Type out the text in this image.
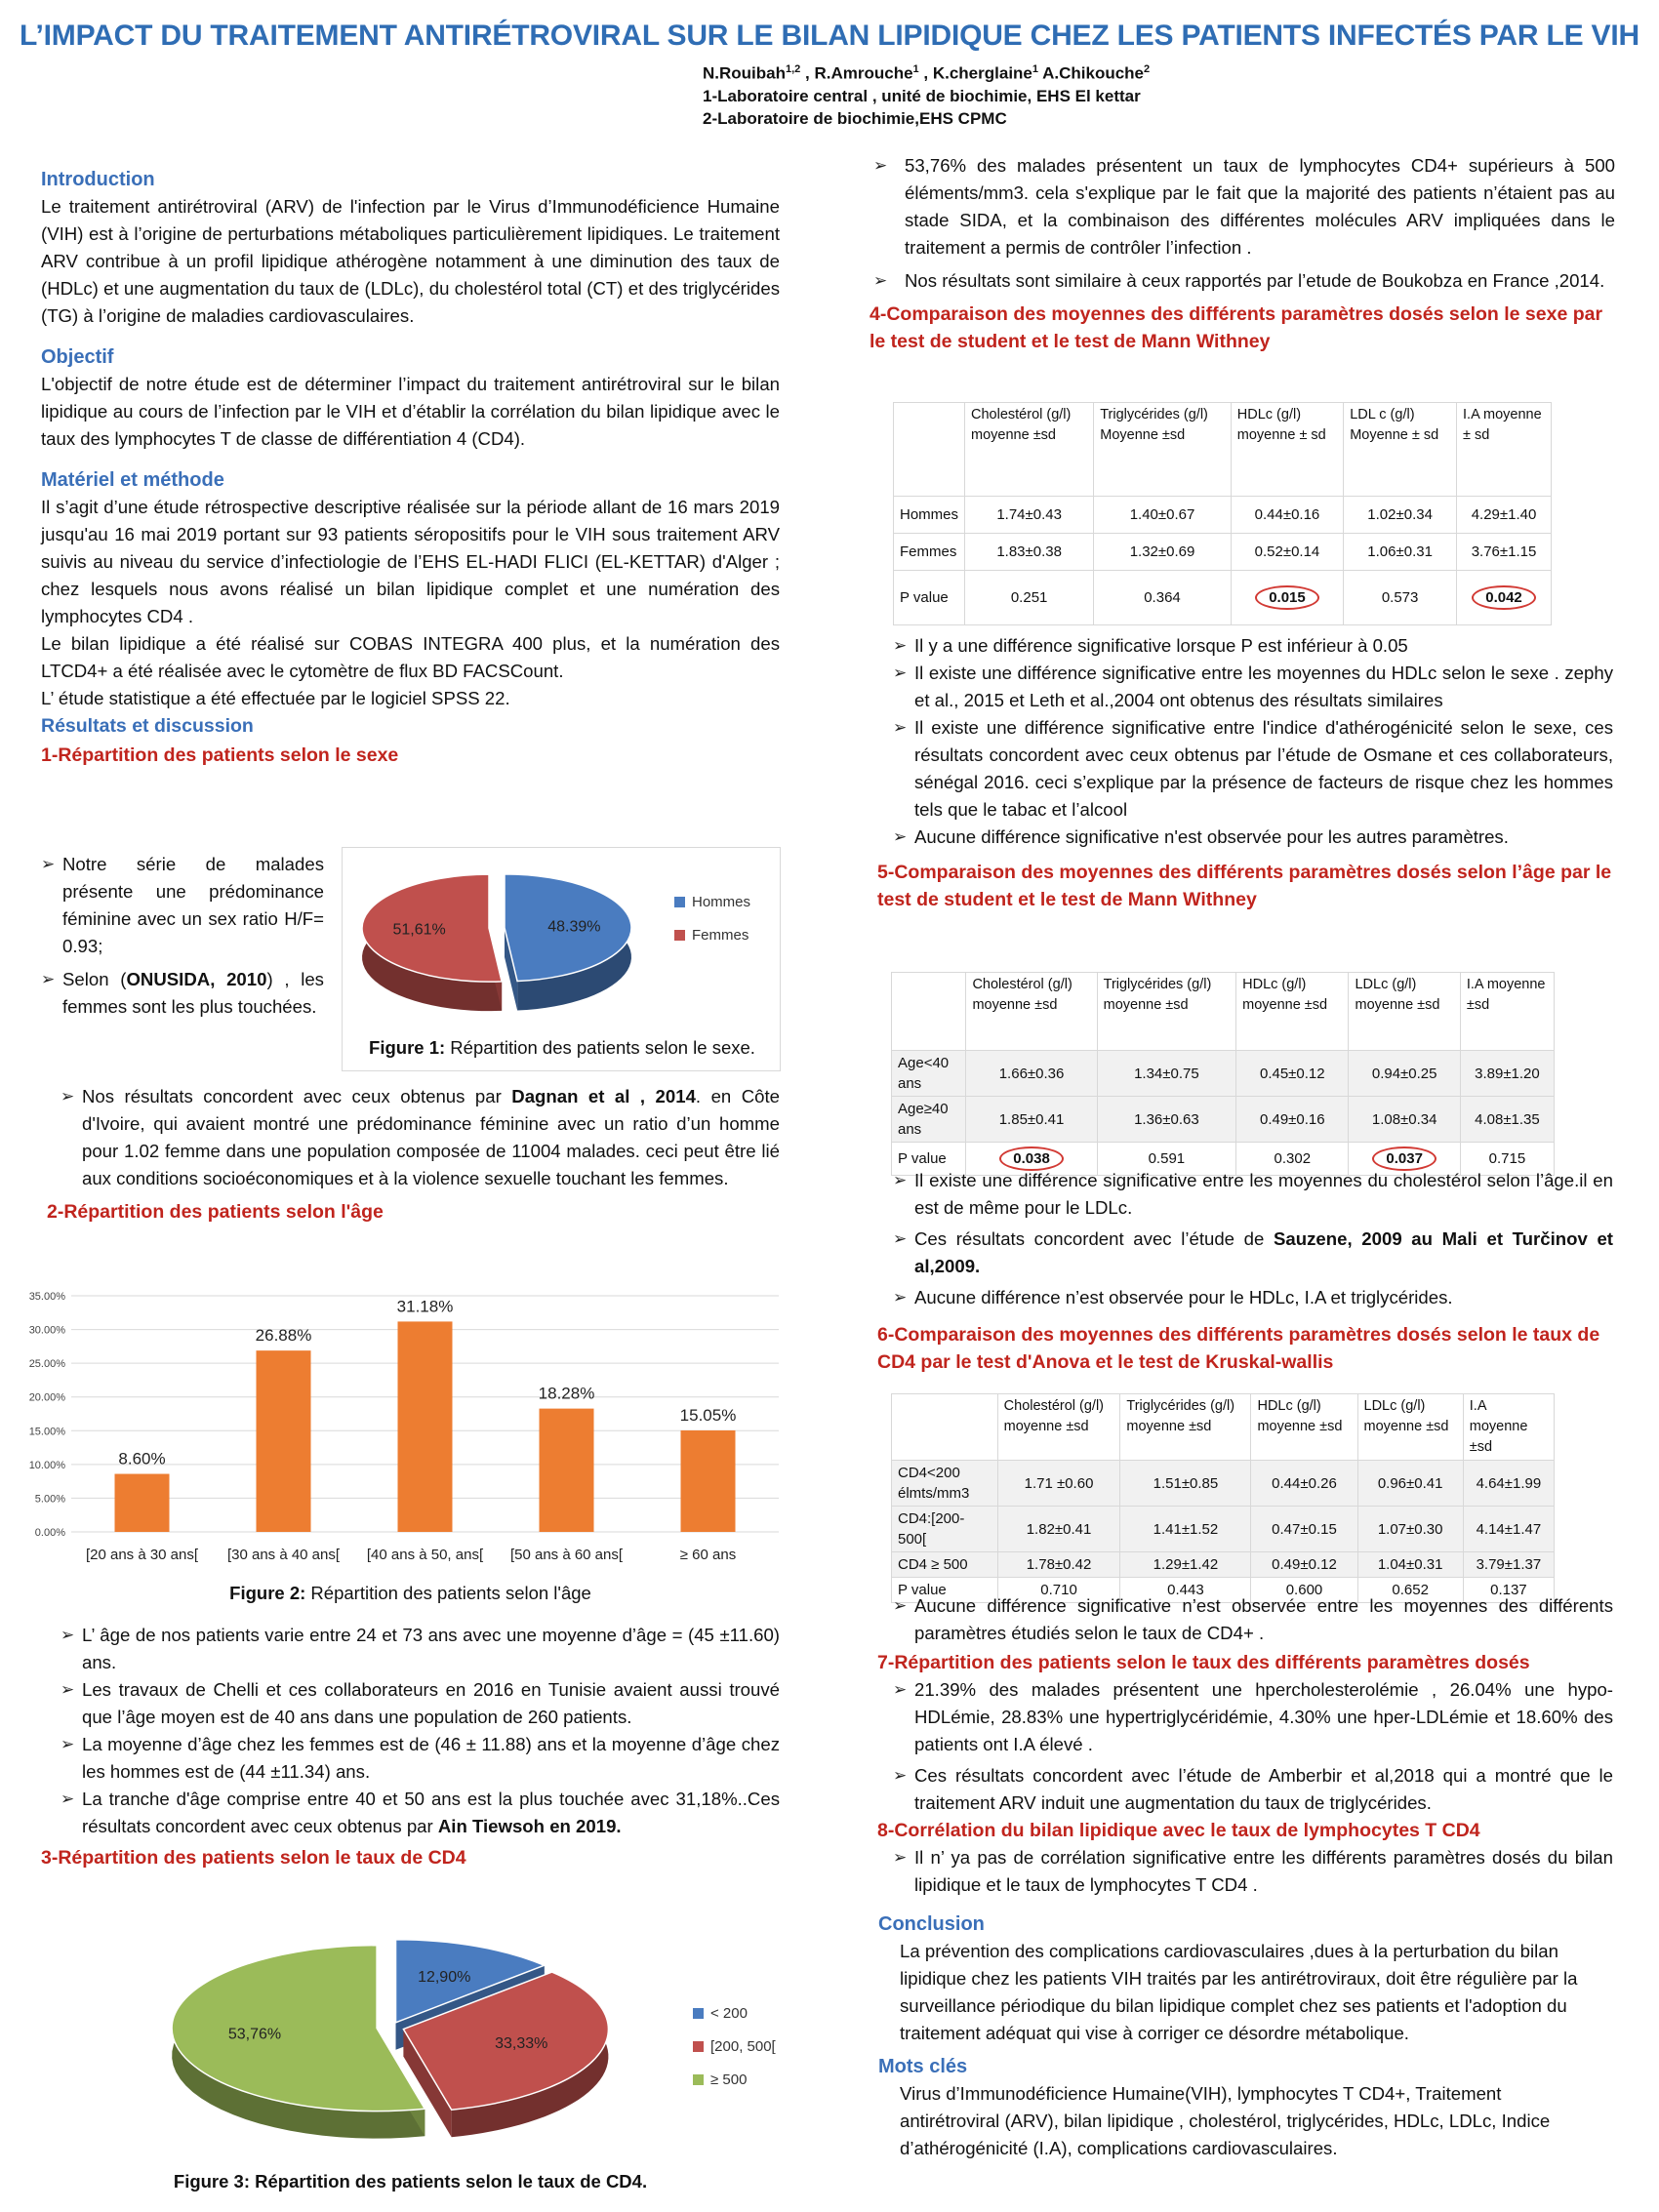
L’IMPACT DU TRAITEMENT ANTIRÉTROVIRAL SUR LE BILAN LIPIDIQUE CHEZ LES PATIENTS INFECTÉS PAR LE VIH
N.Rouibah$^{1,2}$ , R.Amrouche$^1$ , K.cherglaine$^1$ A.Chikouche$^2$
1-Laboratoire central , unité de biochimie, EHS El kettar
2-Laboratoire de biochimie,EHS CPMC
Introduction

Le traitement antirétroviral (ARV) de l'infection par le Virus d’Immunodéficience Humaine (VIH) est à l’origine de perturbations métaboliques particulièrement lipidiques. Le traitement ARV contribue à un profil lipidique athérogène notamment à une diminution des taux de (HDLc) et une augmentation du taux de (LDLc), du cholestérol total (CT) et des triglycérides (TG) à l’origine de maladies cardiovasculaires.

Objectif

L'objectif de notre étude est de déterminer l’impact du traitement antirétroviral sur le bilan lipidique au cours de l’infection par le VIH et d’établir la corrélation du bilan lipidique avec le taux des lymphocytes T de classe de différentiation 4 (CD4).

Matériel et méthode

Il s’agit d’une étude rétrospective descriptive réalisée sur la période allant de 16 mars 2019 jusqu'au 16 mai 2019 portant sur 93 patients séropositifs pour le VIH sous traitement ARV suivis au niveau du service d’infectiologie de l’EHS EL-HADI FLICI (EL-KETTAR) d'Alger ; chez lesquels nous avons réalisé un bilan lipidique complet et une numération des lymphocytes CD4 .

Le bilan lipidique a été réalisé sur COBAS INTEGRA 400 plus, et la numération des LTCD4+ a été réalisée avec le cytomètre de flux BD FACSCount.

L’ étude statistique a été effectuée par le logiciel SPSS 22.

Résultats et discussion
1-Répartition des patients selon le sexe
➢ Notre série de malades présente une prédominance féminine avec un sex ratio H/F= 0.93;
➢ Selon (ONUSIDA, 2010) , les femmes sont les plus touchées.
48.39%
51,61%
Hommes
Femmes
Figure 1: Répartition des patients selon le sexe.
➢ Nos résultats concordent avec ceux obtenus par Dagnan et al , 2014. en Côte d'Ivoire, qui avaient montré une prédominance féminine avec un ratio d’un homme pour 1.02 femme dans une population composée de 11004 malades. ceci peut être lié aux conditions socioéconomiques et à la violence sexuelle touchant les femmes.
2-Répartition des patients selon l'âge
0.00%
5.00%
10.00%
15.00%
20.00%
25.00%
30.00%
35.00%
8.60%
[20 ans à 30 ans[
26.88%
[30 ans à 40 ans[
31.18%
[40 ans à 50, ans[
18.28%
[50 ans à 60 ans[
15.05%
≥ 60 ans
Figure 2: Répartition des patients selon l'âge
➢ L’ âge de nos patients varie entre 24 et 73 ans avec une moyenne d’âge = (45 ±11.60) ans.
➢ Les travaux de Chelli et ces collaborateurs en 2016 en Tunisie avaient aussi trouvé que l’âge moyen est de 40 ans dans une population de 260 patients.
➢ La moyenne d’âge chez les femmes est de (46 ± 11.88) ans et la moyenne d’âge chez les hommes est de (44 ±11.34) ans.
➢ La tranche d'âge comprise entre 40 et 50 ans est la plus touchée avec 31,18%..Ces résultats concordent avec ceux obtenus par Ain Tiewsoh en 2019.
3-Répartition des patients selon le taux de CD4
12,90%
33,33%
53,76%
< 200
[200, 500[
≥ 500
Figure 3: Répartition des patients selon le taux de CD4.
➢ 53,76% des malades présentent un taux de lymphocytes CD4+ supérieurs à 500 éléments/mm3. cela s'explique par le fait que la majorité des patients n’étaient pas au stade SIDA, et la combinaison des différentes molécules ARV impliquées dans le traitement a permis de contrôler l’infection .
➢ Nos résultats sont similaire à ceux rapportés par l’etude de Boukobza en France ,2014.
4-Comparaison des moyennes des différents paramètres dosés selon le sexe par le test de student et le test de Mann Withney
	Cholestérol (g/l) moyenne ±sd	Triglycérides (g/l) Moyenne ±sd	HDLc (g/l) moyenne ± sd	LDL c (g/l) Moyenne ± sd	I.A moyenne ± sd
Hommes	1.74±0.43	1.40±0.67	0.44±0.16	1.02±0.34	4.29±1.40
Femmes	1.83±0.38	1.32±0.69	0.52±0.14	1.06±0.31	3.76±1.15
P value	0.251	0.364	0.015	0.573	0.042
➢ Il y a une différence significative lorsque P est inférieur à 0.05
➢ Il existe une différence significative entre les moyennes du HDLc selon le sexe . zephy et al., 2015 et Leth et al.,2004 ont obtenus des résultats similaires
➢ Il existe une différence significative entre l'indice d'athérogénicité selon le sexe, ces résultats concordent avec ceux obtenus par l’étude de Osmane et ces collaborateurs, sénégal 2016. ceci s’explique par la présence de facteurs de risque chez les hommes tels que le tabac et l’alcool
➢ Aucune différence significative n'est observée pour les autres paramètres.
5-Comparaison des moyennes des différents paramètres dosés selon l’âge par le test de student et le test de Mann Withney
	Cholestérol (g/l) moyenne ±sd	Triglycérides (g/l) moyenne ±sd	HDLc (g/l) moyenne ±sd	LDLc (g/l) moyenne ±sd	I.A moyenne ±sd
Age<40 ans	1.66±0.36	1.34±0.75	0.45±0.12	0.94±0.25	3.89±1.20
Age≥40 ans	1.85±0.41	1.36±0.63	0.49±0.16	1.08±0.34	4.08±1.35
P value	0.038	0.591	0.302	0.037	0.715
➢ Il existe une différence significative entre les moyennes du cholestérol selon l’âge.il en est de même pour le LDLc.
➢ Ces résultats concordent avec l’étude de Sauzene, 2009 au Mali et Turčinov et al,2009.
➢ Aucune différence n’est observée pour le HDLc, I.A et triglycérides.
6-Comparaison des moyennes des différents paramètres dosés selon le taux de CD4 par le test d'Anova et le test de Kruskal-wallis
	Cholestérol (g/l) moyenne ±sd	Triglycérides (g/l) moyenne ±sd	HDLc (g/l) moyenne ±sd	LDLc (g/l) moyenne ±sd	I.A moyenne ±sd
CD4<200 élmts/mm3	1.71 ±0.60	1.51±0.85	0.44±0.26	0.96±0.41	4.64±1.99
CD4:[200-500[	1.82±0.41	1.41±1.52	0.47±0.15	1.07±0.30	4.14±1.47
CD4 ≥ 500	1.78±0.42	1.29±1.42	0.49±0.12	1.04±0.31	3.79±1.37
P value	0.710	0.443	0.600	0.652	0.137
➢ Aucune différence significative n’est observée entre les moyennes des différents paramètres étudiés selon le taux de CD4+ .
7-Répartition des patients selon le taux des différents paramètres dosés
➢ 21.39% des malades présentent une hpercholesterolémie , 26.04% une hypo-HDLémie, 28.83% une hypertriglycéridémie, 4.30% une hper-LDLémie et 18.60% des patients ont I.A élevé .
➢ Ces résultats concordent avec l’étude de Amberbir et al,2018 qui a montré que le traitement ARV induit une augmentation du taux de triglycérides.
8-Corrélation du bilan lipidique avec le taux de lymphocytes T CD4
➢ Il n’ ya pas de corrélation significative entre les différents paramètres dosés du bilan lipidique et le taux de lymphocytes T CD4 .
Conclusion

La prévention des complications cardiovasculaires ,dues à la perturbation du bilan lipidique chez les patients VIH traités par les antirétroviraux, doit être régulière par la surveillance périodique du bilan lipidique complet chez ses patients et l'adoption du traitement adéquat qui vise à corriger ce désordre métabolique.

Mots clés

Virus d’Immunodéficience Humaine(VIH), lymphocytes T CD4+, Traitement antirétroviral (ARV), bilan lipidique , cholestérol, triglycérides, HDLc, LDLc, Indice d’athérogénicité (I.A), complications cardiovasculaires.
